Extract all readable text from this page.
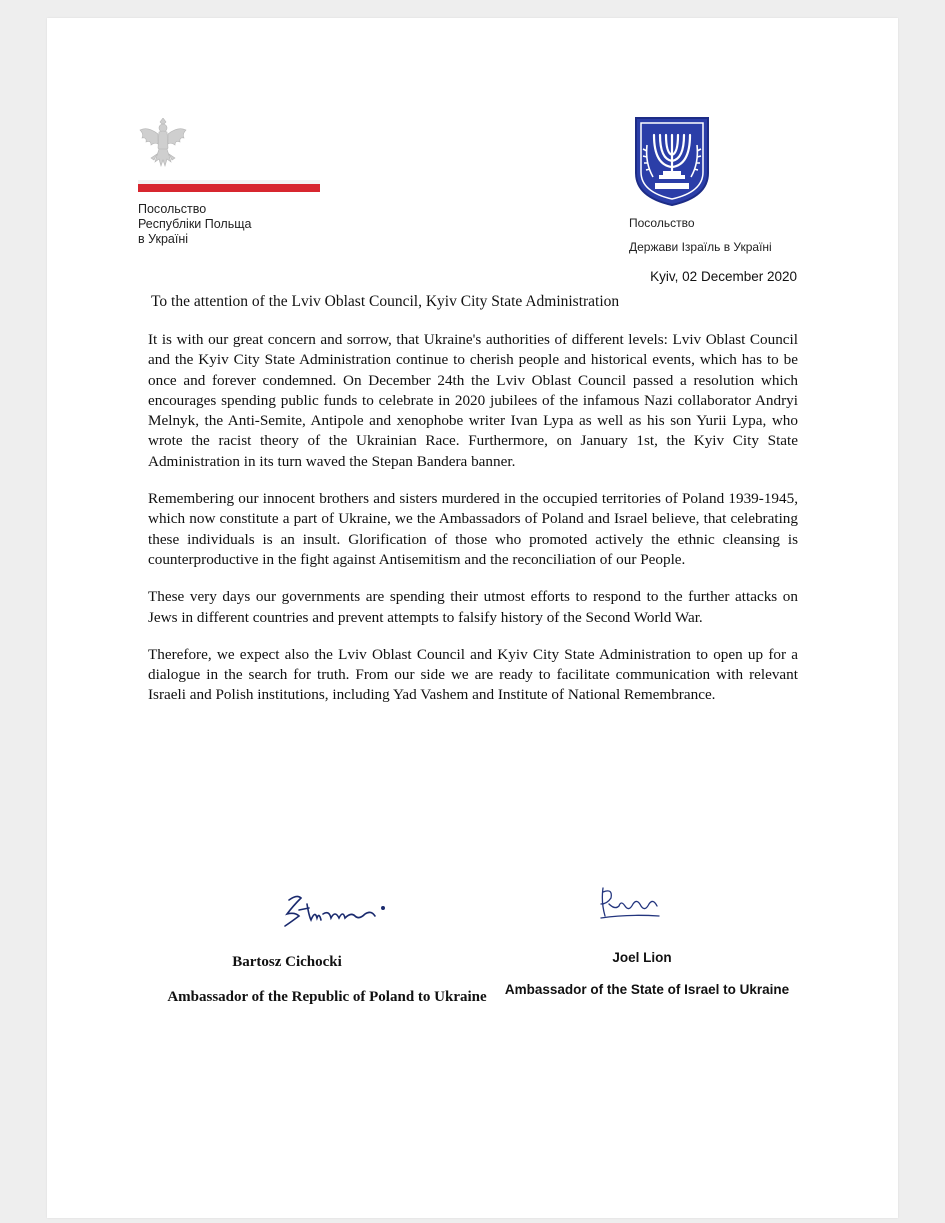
Посольство
Республіки Польща
в Україні
Посольство
Держави Ізраїль в Україні
Kyiv, 02 December 2020
To the attention of the Lviv Oblast Council, Kyiv City State Administration

It is with our great concern and sorrow, that Ukraine's authorities of different levels: Lviv Oblast Council and the Kyiv City State Administration continue to cherish people and historical events, which has to be once and forever condemned. On December 24th the Lviv Oblast Council passed a resolution which encourages spending public funds to celebrate in 2020 jubilees of the infamous Nazi collaborator Andryi Melnyk, the Anti-Semite, Antipole and xenophobe writer Ivan Lypa as well as his son Yurii Lypa, who wrote the racist theory of the Ukrainian Race. Furthermore, on January 1st, the Kyiv City State Administration in its turn waved the Stepan Bandera banner.

Remembering our innocent brothers and sisters murdered in the occupied territories of Poland 1939-1945, which now constitute a part of Ukraine, we the Ambassadors of Poland and Israel believe, that celebrating these individuals is an insult. Glorification of those who promoted actively the ethnic cleansing is counterproductive in the fight against Antisemitism and the reconciliation of our People.

These very days our governments are spending their utmost efforts to respond to the further attacks on Jews in different countries and prevent attempts to falsify history of the Second World War.

Therefore, we expect also the Lviv Oblast Council and Kyiv City State Administration to open up for a dialogue in the search for truth. From our side we are ready to facilitate communication with relevant Israeli and Polish institutions, including Yad Vashem and Institute of National Remembrance.

Bartosz Cichocki
Ambassador of the Republic of Poland to Ukraine
Joel Lion
Ambassador of the State of Israel to Ukraine
